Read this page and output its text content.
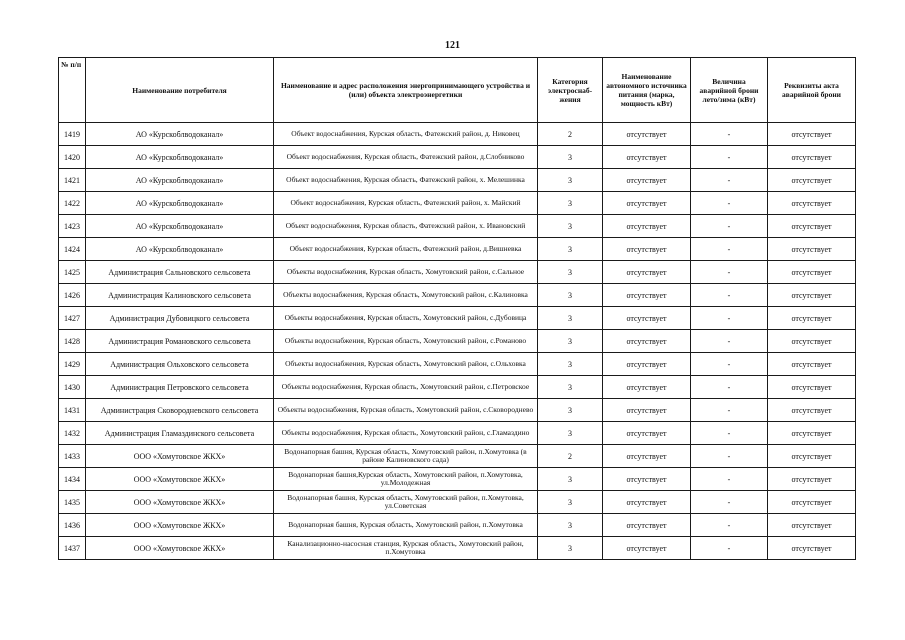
121
№ п/п	Наименование потребителя	Наименование и адрес расположения энергопринимающего устройства и (или) объекта электроэнергетики	Категория электроснаб-жения	Наименование автономного источника питания (марка, мощность кВт)	Величина аварийной брони лето/зима (кВт)	Реквизиты акта аварийной брони
1419	АО «Курскоблводоканал»	Объект водоснабжения, Курская область, Фатежский район, д. Никовец	2	отсутствует	-	отсутствует
1420	АО «Курскоблводоканал»	Объект водоснабжения, Курская область, Фатежский район, д.Слобниково	3	отсутствует	-	отсутствует
1421	АО «Курскоблводоканал»	Объект водоснабжения, Курская область, Фатежский район, х. Мелешинка	3	отсутствует	-	отсутствует
1422	АО «Курскоблводоканал»	Объект водоснабжения, Курская область, Фатежский район, х. Майский	3	отсутствует	-	отсутствует
1423	АО «Курскоблводоканал»	Объект водоснабжения, Курская область, Фатежский район, х. Ивановский	3	отсутствует	-	отсутствует
1424	АО «Курскоблводоканал»	Объект водоснабжения, Курская область, Фатежский район, д.Вишневка	3	отсутствует	-	отсутствует
1425	Администрация Сальновского сельсовета	Объекты водоснабжения, Курская область, Хомутовский район, с.Сальное	3	отсутствует	-	отсутствует
1426	Администрация Калиновского сельсовета	Объекты водоснабжения, Курская область, Хомутовский район, с.Калиновка	3	отсутствует	-	отсутствует
1427	Администрация Дубовицкого сельсовета	Объекты водоснабжения, Курская область, Хомутовский район, с.Дубовица	3	отсутствует	-	отсутствует
1428	Администрация Романовского сельсовета	Объекты водоснабжения, Курская область, Хомутовский район, с.Романово	3	отсутствует	-	отсутствует
1429	Администрация Ольховского сельсовета	Объекты водоснабжения, Курская область, Хомутовский район, с.Ольховка	3	отсутствует	-	отсутствует
1430	Администрация Петровского сельсовета	Объекты водоснабжения, Курская область, Хомутовский район, с.Петровское	3	отсутствует	-	отсутствует
1431	Администрация Сковородневского сельсовета	Объекты водоснабжения, Курская область, Хомутовский район, с.Сковороднево	3	отсутствует	-	отсутствует
1432	Администрация Гламаздинского сельсовета	Объекты водоснабжения, Курская область, Хомутовский район, с.Гламаздино	3	отсутствует	-	отсутствует
1433	ООО «Хомутовское ЖКХ»	Водонапорная башня, Курская область, Хомутовский район, п.Хомутовка (в районе Калиновского сада)	2	отсутствует	-	отсутствует
1434	ООО «Хомутовское ЖКХ»	Водонапорная башня,Курская область, Хомутовский район, п.Хомутовка, ул.Молодежная	3	отсутствует	-	отсутствует
1435	ООО «Хомутовское ЖКХ»	Водонапорная башня, Курская область, Хомутовский район, п.Хомутовка, ул.Советская	3	отсутствует	-	отсутствует
1436	ООО «Хомутовское ЖКХ»	Водонапорная башня, Курская область, Хомутовский район, п.Хомутовка	3	отсутствует	-	отсутствует
1437	ООО «Хомутовское ЖКХ»	Канализационно-насосная станция, Курская область, Хомутовский район, п.Хомутовка	3	отсутствует	-	отсутствует
